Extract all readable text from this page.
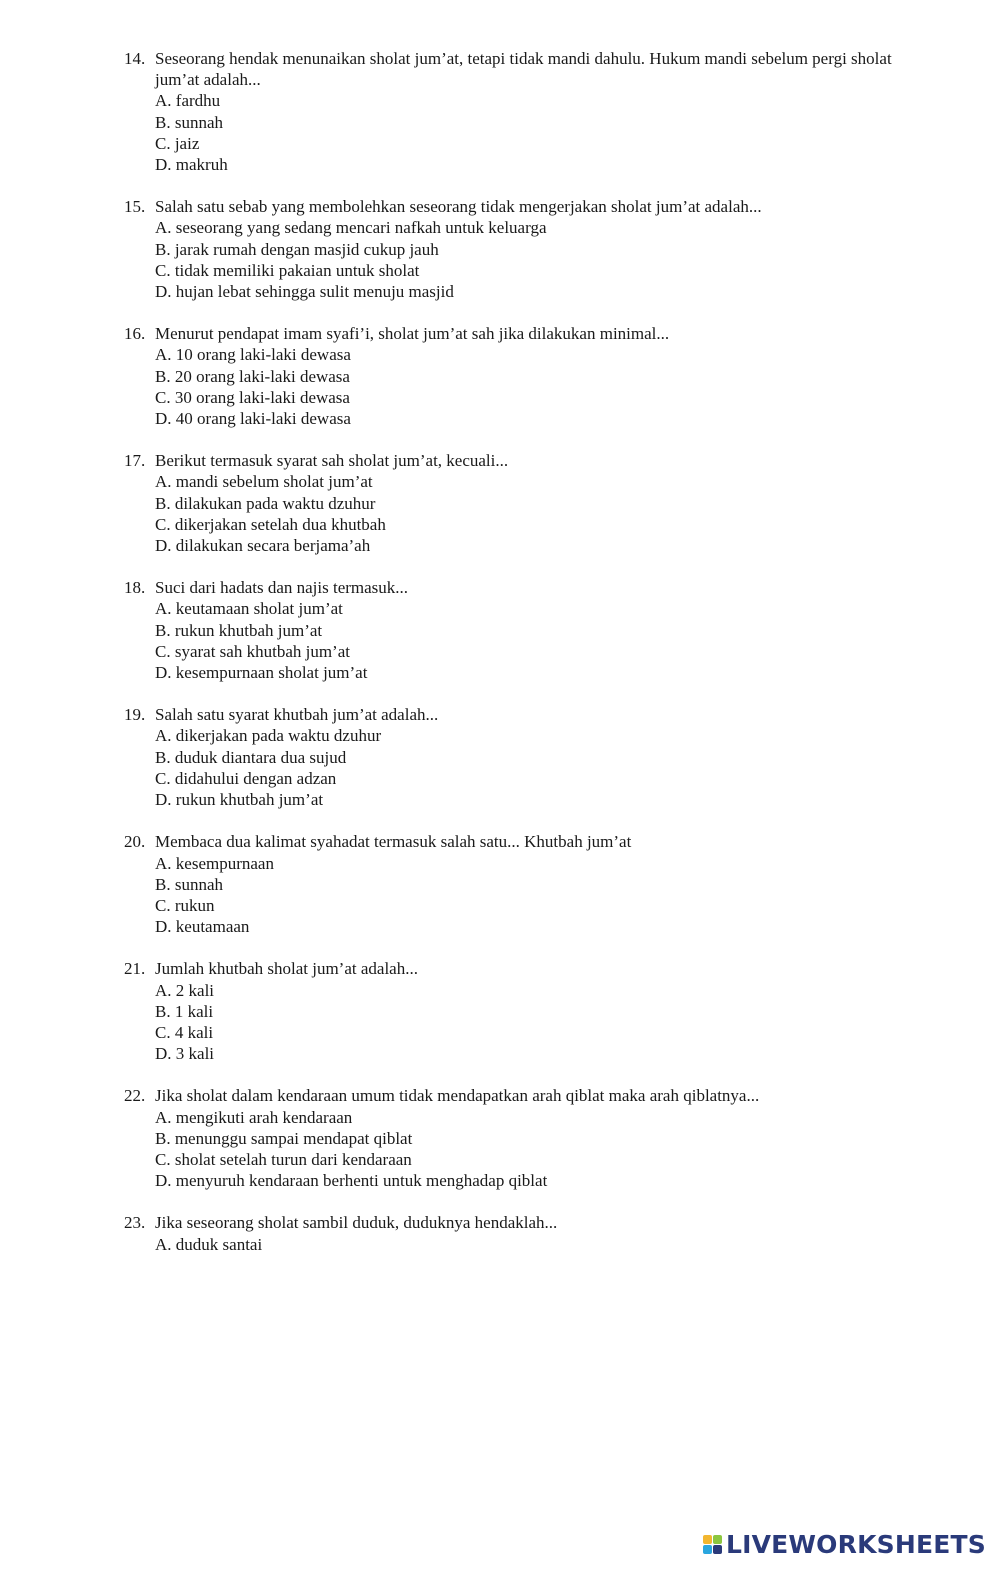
14. Seseorang hendak menunaikan sholat jum’at, tetapi tidak mandi dahulu. Hukum mandi sebelum pergi sholat jum’at adalah...
A. fardhu
B. sunnah
C. jaiz
D. makruh
15. Salah satu sebab yang membolehkan seseorang tidak mengerjakan sholat jum’at adalah...
A. seseorang yang sedang mencari nafkah untuk keluarga
B. jarak rumah dengan masjid cukup jauh
C. tidak memiliki pakaian untuk sholat
D. hujan lebat sehingga sulit menuju masjid
16. Menurut pendapat imam syafi’i, sholat jum’at sah jika dilakukan minimal...
A. 10 orang laki-laki dewasa
B. 20 orang laki-laki dewasa
C. 30 orang laki-laki dewasa
D. 40 orang laki-laki dewasa
17. Berikut termasuk syarat sah sholat jum’at, kecuali...
A. mandi sebelum sholat jum’at
B. dilakukan pada waktu dzuhur
C. dikerjakan setelah dua khutbah
D. dilakukan secara berjama’ah
18. Suci dari hadats dan najis termasuk...
A. keutamaan sholat jum’at
B. rukun khutbah jum’at
C. syarat sah khutbah jum’at
D. kesempurnaan sholat jum’at
19. Salah satu syarat khutbah jum’at adalah...
A. dikerjakan pada waktu dzuhur
B. duduk diantara dua sujud
C. didahului dengan adzan
D. rukun khutbah jum’at
20. Membaca dua kalimat syahadat termasuk salah satu... Khutbah jum’at
A. kesempurnaan
B. sunnah
C. rukun
D. keutamaan
21. Jumlah khutbah sholat jum’at adalah...
A. 2 kali
B. 1 kali
C. 4 kali
D. 3 kali
22. Jika sholat dalam kendaraan umum tidak mendapatkan arah qiblat maka arah qiblatnya...
A. mengikuti arah kendaraan
B. menunggu sampai mendapat qiblat
C. sholat setelah turun dari kendaraan
D. menyuruh kendaraan berhenti untuk menghadap qiblat
23. Jika seseorang sholat sambil duduk, duduknya hendaklah...
A. duduk santai
LIVEWORKSHEETS
